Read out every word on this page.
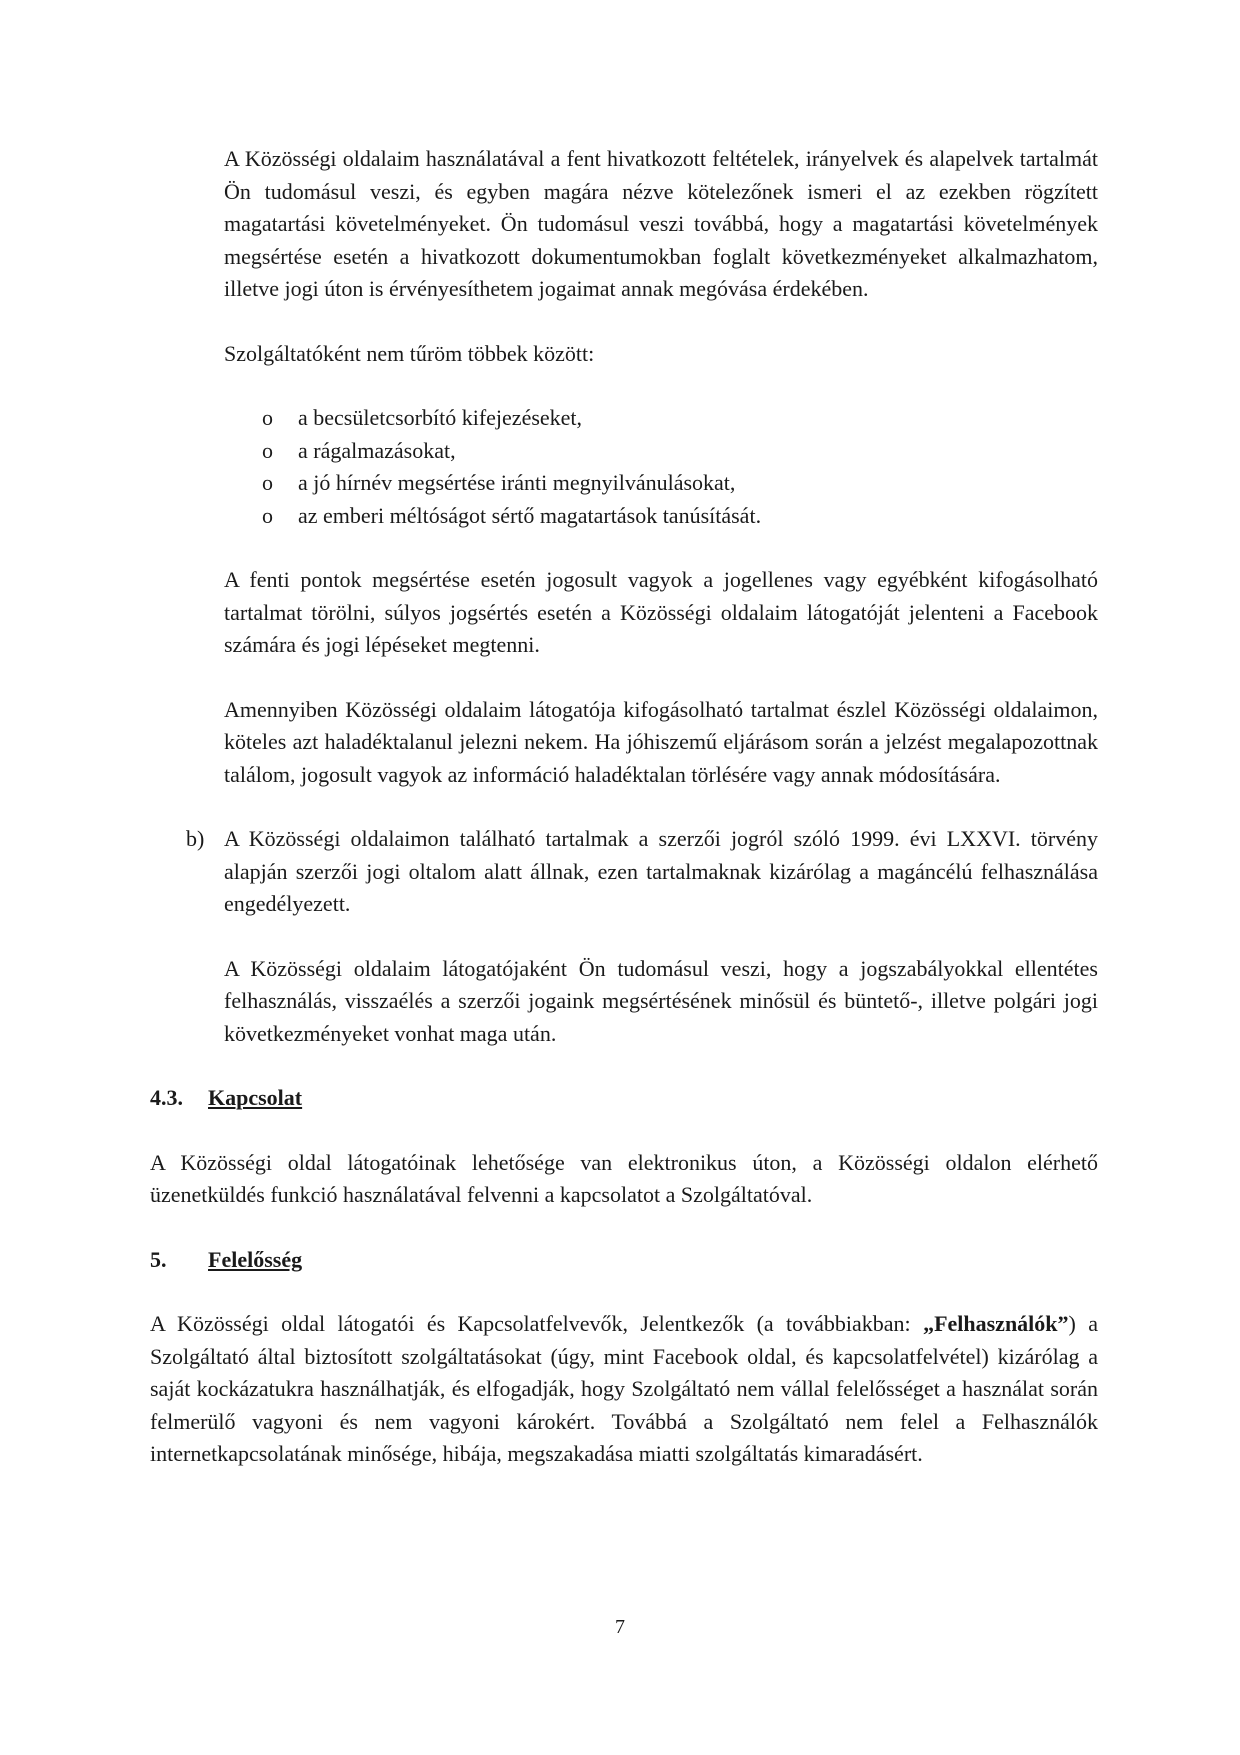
A Közösségi oldalaim használatával a fent hivatkozott feltételek, irányelvek és alapelvek tartalmát Ön tudomásul veszi, és egyben magára nézve kötelezőnek ismeri el az ezekben rögzített magatartási követelményeket. Ön tudomásul veszi továbbá, hogy a magatartási követelmények megsértése esetén a hivatkozott dokumentumokban foglalt következményeket alkalmazhatom, illetve jogi úton is érvényesíthetem jogaimat annak megóvása érdekében.

Szolgáltatóként nem tűröm többek között:

o a becsületcsorbító kifejezéseket,
o a rágalmazásokat,
o a jó hírnév megsértése iránti megnyilvánulásokat,
o az emberi méltóságot sértő magatartások tanúsítását.

A fenti pontok megsértése esetén jogosult vagyok a jogellenes vagy egyébként kifogásolható tartalmat törölni, súlyos jogsértés esetén a Közösségi oldalaim látogatóját jelenteni a Facebook számára és jogi lépéseket megtenni.

Amennyiben Közösségi oldalaim látogatója kifogásolható tartalmat észlel Közösségi oldalaimon, köteles azt haladéktalanul jelezni nekem. Ha jóhiszemű eljárásom során a jelzést megalapozottnak találom, jogosult vagyok az információ haladéktalan törlésére vagy annak módosítására.

b) A Közösségi oldalaimon található tartalmak a szerzői jogról szóló 1999. évi LXXVI. törvény alapján szerzői jogi oltalom alatt állnak, ezen tartalmaknak kizárólag a magáncélú felhasználása engedélyezett.

A Közösségi oldalaim látogatójaként Ön tudomásul veszi, hogy a jogszabályokkal ellentétes felhasználás, visszaélés a szerzői jogaink megsértésének minősül és büntető-, illetve polgári jogi következményeket vonhat maga után.

4.3.	Kapcsolat

A Közösségi oldal látogatóinak lehetősége van elektronikus úton, a Közösségi oldalon elérhető üzenetküldés funkció használatával felvenni a kapcsolatot a Szolgáltatóval.

5.	Felelősség

A Közösségi oldal látogatói és Kapcsolatfelvevők, Jelentkezők (a továbbiakban: „Felhasználók”) a Szolgáltató által biztosított szolgáltatásokat (úgy, mint Facebook oldal, és kapcsolatfelvétel) kizárólag a saját kockázatukra használhatják, és elfogadják, hogy Szolgáltató nem vállal felelősséget a használat során felmerülő vagyoni és nem vagyoni károkért. Továbbá a Szolgáltató nem felel a Felhasználók internetkapcsolatának minősége, hibája, megszakadása miatti szolgáltatás kimaradásért.

7
